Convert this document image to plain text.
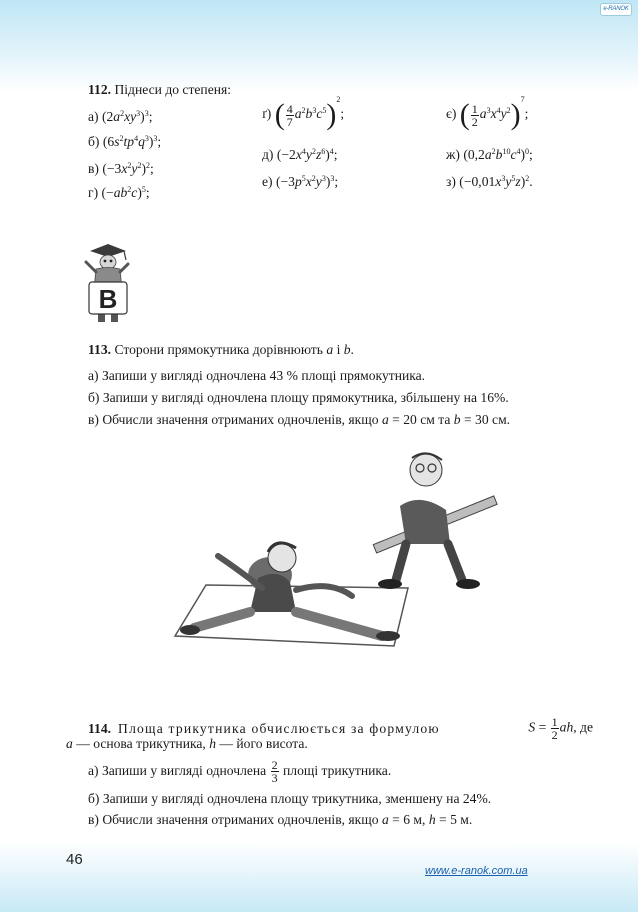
e-RANOK
112. Піднеси до степеня:
а) $(2a^2xy^3)^3$;
б) $(6s^2tp^4q^3)^3$;
в) $(-3x^2y^2)^2$;
г) $(-ab^2c)^5$;
ґ) ( $\frac{4}{7} a^2b^3c^5)^2$;
д) $(-2x^4y^2z^6)^4$;
е) $(-3p^5x^2y^3)^3$;
є) ( $\frac{1}{2} a^3x^4y^2)^7$;
ж) $(0,2a^2b^{10}c^4)^0$;
з) $(-0,01x^3y^5z)^2$.
В
113. Сторони прямокутника дорівнюють a і b.
а) Запиши у вигляді одночлена 43 % площі прямокутника.
б) Запиши у вигляді одночлена площу прямокутника, збільшену на 16%.
в) Обчисли значення отриманих одночленів, якщо a = 20 см та b = 30 см.
114. Площа трикутника обчислюється за формулою	$S = \frac{1}{2}$ ah, де
a — основа трикутника, h — його висота.
а) Запиши у вигляді одночлена
$\frac{2}{3}$
площі трикутника.
б) Запиши у вигляді одночлена площу трикутника, зменшену на 24%.
в) Обчисли значення отриманих одночленів, якщо a = 6 м, h = 5 м.
46
www.e-ranok.com.ua
